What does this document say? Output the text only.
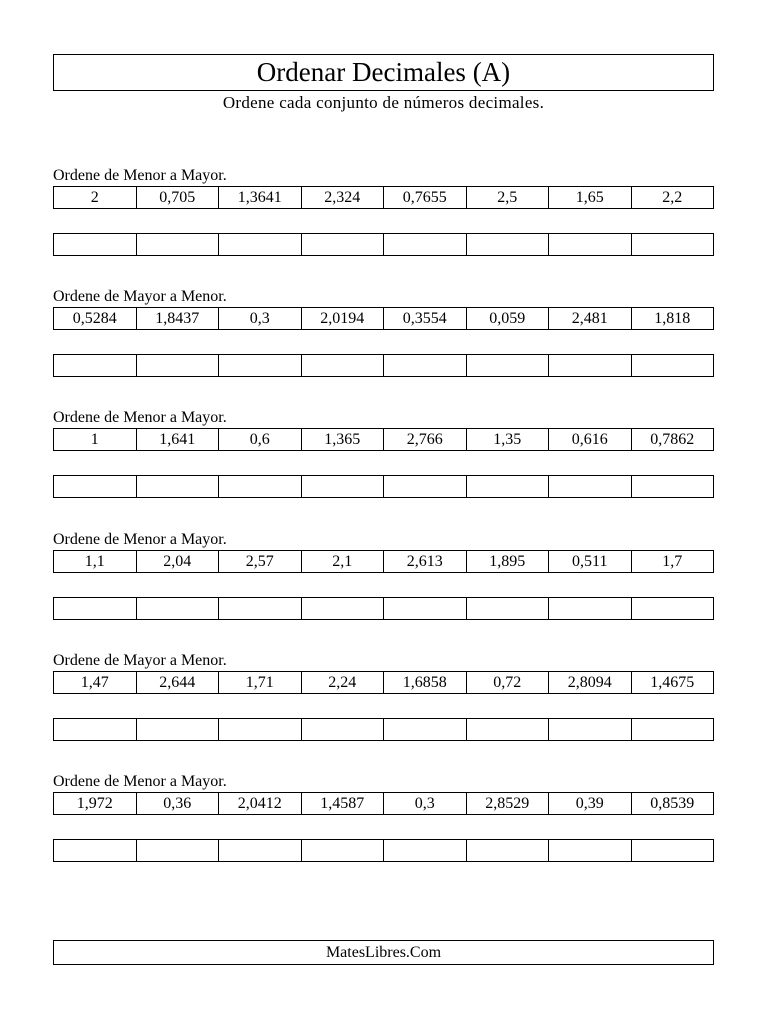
Ordenar Decimales (A)
Ordene cada conjunto de números decimales.
Ordene de Menor a Mayor.
2	0,705	1,3641	2,324	0,7655	2,5	1,65	2,2
Ordene de Mayor a Menor.
0,5284	1,8437	0,3	2,0194	0,3554	0,059	2,481	1,818
Ordene de Menor a Mayor.
1	1,641	0,6	1,365	2,766	1,35	0,616	0,7862
Ordene de Menor a Mayor.
1,1	2,04	2,57	2,1	2,613	1,895	0,511	1,7
Ordene de Mayor a Menor.
1,47	2,644	1,71	2,24	1,6858	0,72	2,8094	1,4675
Ordene de Menor a Mayor.
1,972	0,36	2,0412	1,4587	0,3	2,8529	0,39	0,8539
MatesLibres.Com
